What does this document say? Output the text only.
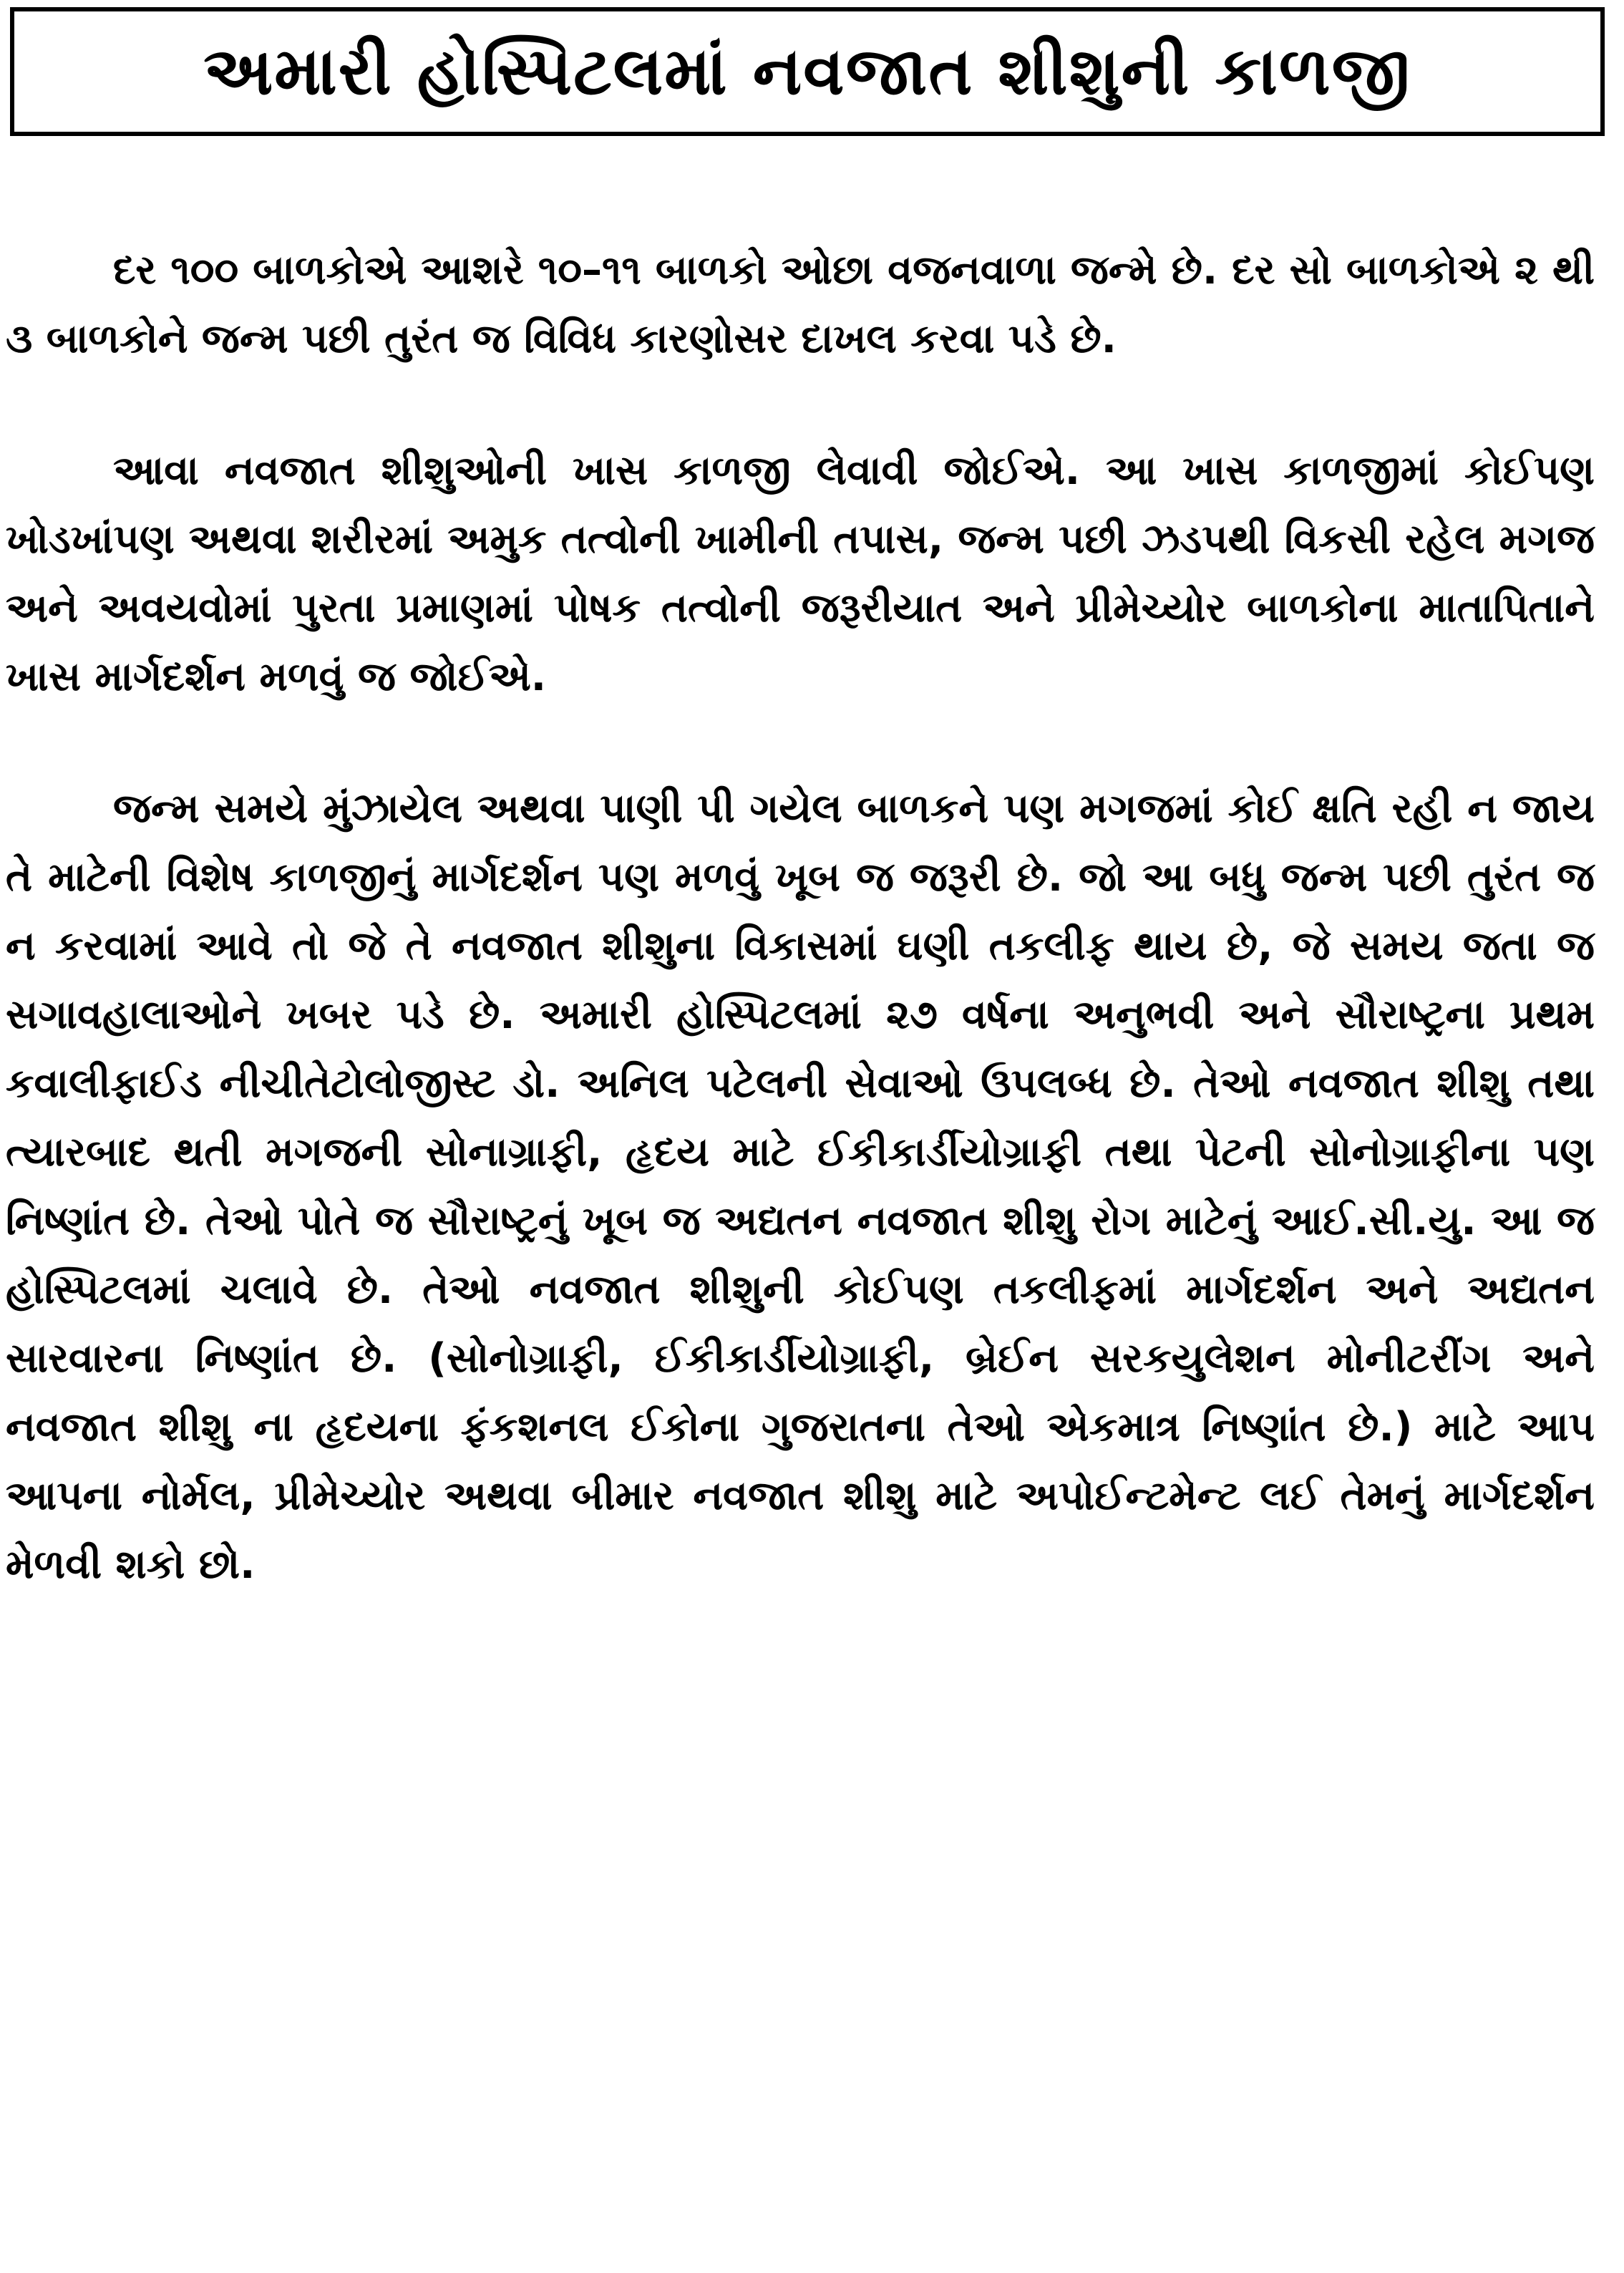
અમારી હોસ્પિટલમાં નવજાત શીશુની કાળજી

દર ૧૦૦ બાળકોએ આશરે ૧૦–૧૧ બાળકો ઓછા વજનવાળા જન્મે છે. દર સો બાળકોએ ૨ થી ૩ બાળકોને જન્મ પછી તુરંત જ વિવિધ કારણોસર દાખલ કરવા પડે છે.

આવા નવજાત શીશુઓની ખાસ કાળજી લેવાવી જોઈએ. આ ખાસ કાળજીમાં કોઈપણ ખોડખાંપણ અથવા શરીરમાં અમુક તત્વોની ખામીની તપાસ, જન્મ પછી ઝડપથી વિકસી રહેલ મગજ અને અવયવોમાં પુરતા પ્રમાણમાં પોષક તત્વોની જરૂરીયાત અને પ્રીમેચ્યોર બાળકોના માતાપિતાને ખાસ માર્ગદર્શન મળવું જ જોઈએ.

જન્મ સમયે મુંઝાયેલ અથવા પાણી પી ગયેલ બાળકને પણ મગજમાં કોઈ ક્ષતિ રહી ન જાય તે માટેની વિશેષ કાળજીનું માર્ગદર્શન પણ મળવું ખૂબ જ જરૂરી છે. જો આ બધુ જન્મ પછી તુરંત જ ન કરવામાં આવે તો જે તે નવજાત શીશુના વિકાસમાં ઘણી તકલીફ થાય છે, જે સમય જતા જ સગાવહાલાઓને ખબર પડે છે. અમારી હોસ્પિટલમાં ૨૭ વર્ષના અનુભવી અને સૌરાષ્ટ્રના પ્રથમ કવાલીફાઈડ નીચીતેટોલોજીસ્ટ ડો. અનિલ પટેલની સેવાઓ ઉપલબ્ધ છે. તેઓ નવજાત શીશુ તથા ત્યારબાદ થતી મગજની સોનાગ્રાફી, હૃદય માટે ઈકીકાર્ડીયોગ્રાફી તથા પેટની સોનોગ્રાફીના પણ નિષ્ણાંત છે. તેઓ પોતે જ સૌરાષ્ટ્રનું ખૂબ જ અદ્યતન નવજાત શીશુ રોગ માટેનું આઈ.સી.યુ. આ જ હોસ્પિટલમાં ચલાવે છે. તેઓ નવજાત શીશુની કોઈપણ તકલીફમાં માર્ગદર્શન અને અદ્યતન સારવારના નિષ્ણાંત છે. (સોનોગ્રાફી, ઈકીકાર્ડીયોગ્રાફી, બ્રેઈન સરકયુલેશન મોનીટરીંગ અને નવજાત શીશુ ના હૃદયના ફંકશનલ ઈકોના ગુજરાતના તેઓ એકમાત્ર નિષ્ણાંત છે.) માટે આપ આપના નોર્મલ, પ્રીમેચ્યોર અથવા બીમાર નવજાત શીશુ માટે અપોઈન્ટમેન્ટ લઈ તેમનું માર્ગદર્શન મેળવી શકો છો.
